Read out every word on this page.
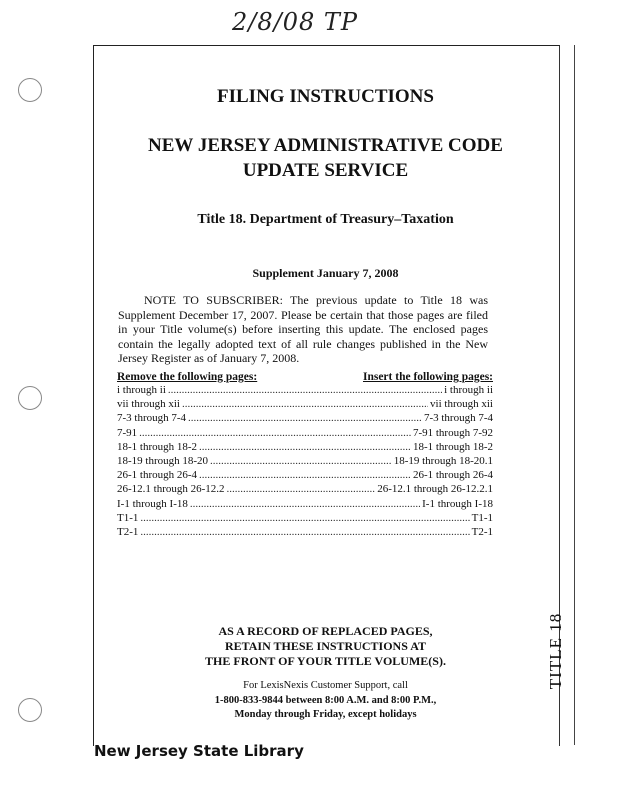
2/8/08 TP
FILING INSTRUCTIONS
NEW JERSEY ADMINISTRATIVE CODE
UPDATE SERVICE
Title 18. Department of Treasury–Taxation
Supplement January 7, 2008
NOTE TO SUBSCRIBER: The previous update to Title 18 was Supplement December 17, 2007. Please be certain that those pages are filed in your Title volume(s) before inserting this update. The enclosed pages contain the legally adopted text of all rule changes published in the New Jersey Register as of January 7, 2008.
Remove the following pages:	Insert the following pages:
i through ii .....	i through ii
vii through xii .....	vii through xii
7-3 through 7-4 .....	7-3 through 7-4
7-91 .....	7-91 through 7-92
18-1 through 18-2 .....	18-1 through 18-2
18-19 through 18-20 .....	18-19 through 18-20.1
26-1 through 26-4 .....	26-1 through 26-4
26-12.1 through 26-12.2 .....	26-12.1 through 26-12.2.1
I-1 through I-18 .....	I-1 through I-18
T1-1 .....	T1-1
T2-1 .....	T2-1
AS A RECORD OF REPLACED PAGES,
RETAIN THESE INSTRUCTIONS AT
THE FRONT OF YOUR TITLE VOLUME(S).
For LexisNexis Customer Support, call
1-800-833-9844 between 8:00 A.M. and 8:00 P.M.,
Monday through Friday, except holidays
TITLE 18
New Jersey State Library
